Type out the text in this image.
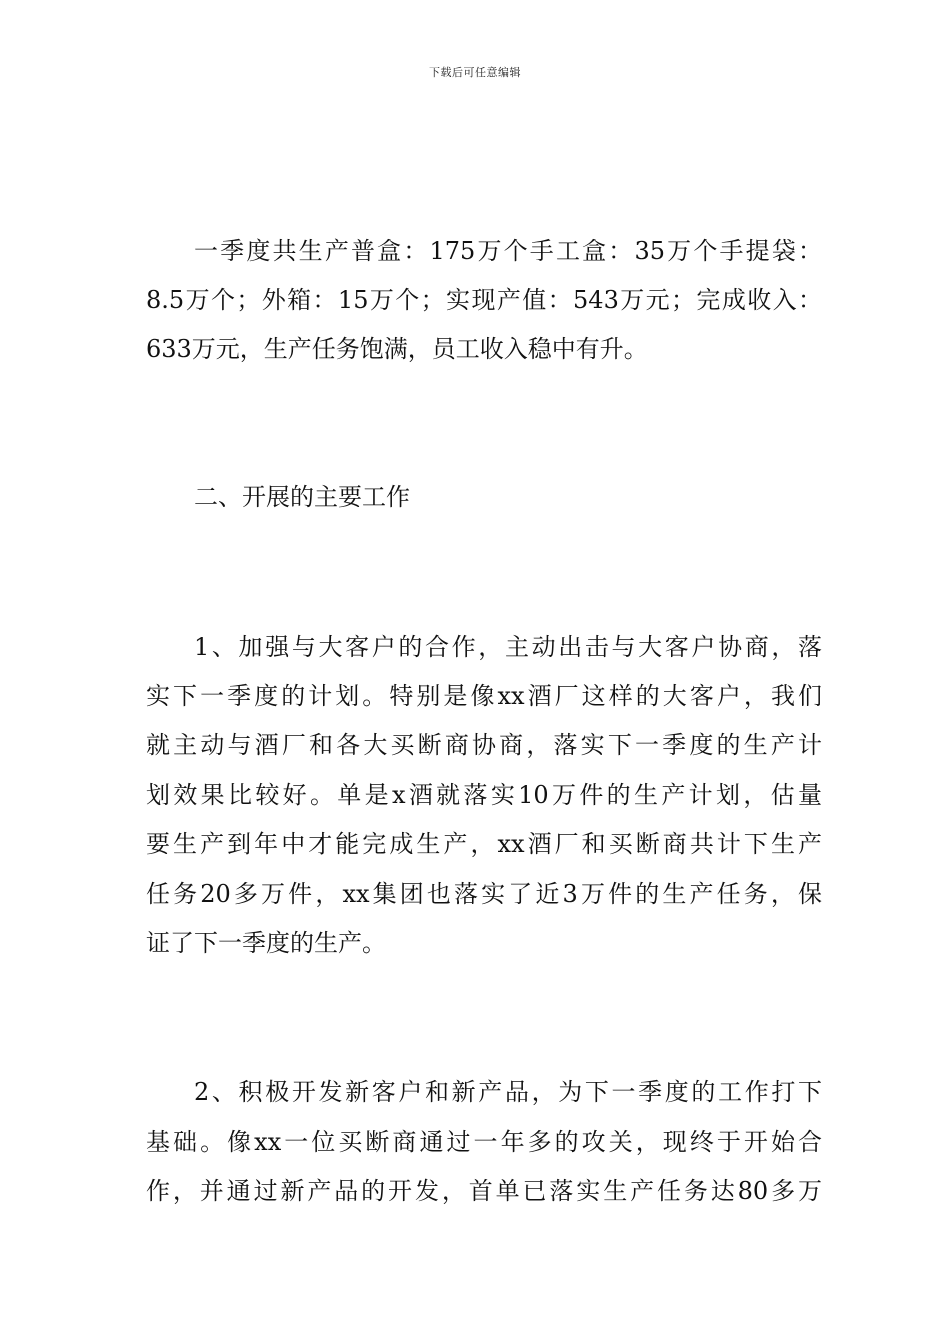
下载后可任意编辑
一季度共生产普盒：175万个手工盒：35万个手提袋：
8.5万个；外箱：15万个；实现产值：543万元；完成收入：
633万元，生产任务饱满，员工收入稳中有升。
二、开展的主要工作
1、加强与大客户的合作，主动出击与大客户协商，落
实下一季度的计划。特别是像xx酒厂这样的大客户，我们
就主动与酒厂和各大买断商协商，落实下一季度的生产计
划效果比较好。单是x酒就落实10万件的生产计划，估量
要生产到年中才能完成生产，xx酒厂和买断商共计下生产
任务20多万件，xx集团也落实了近3万件的生产任务，保
证了下一季度的生产。
2、积极开发新客户和新产品，为下一季度的工作打下
基础。像xx一位买断商通过一年多的攻关，现终于开始合
作，并通过新产品的开发，首单已落实生产任务达80多万
